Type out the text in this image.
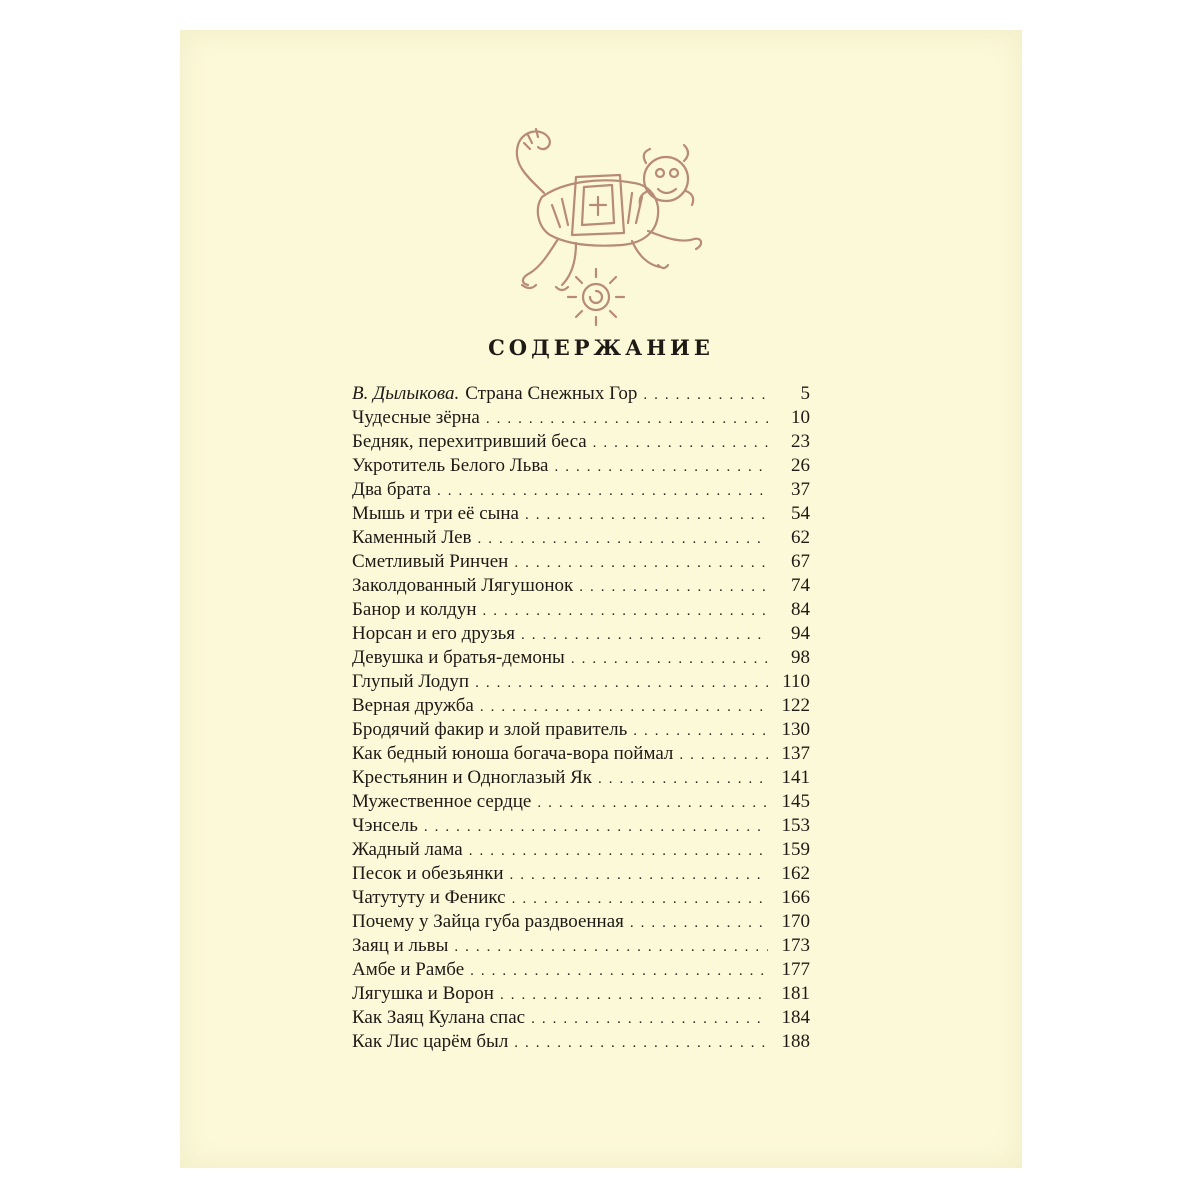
СОДЕРЖАНИЕ
В. Дылыкова. Страна Снежных Гор .....	5
Чудесные зёрна .....	10
Бедняк, перехитривший беса .....	23
Укротитель Белого Льва .....	26
Два брата .....	37
Мышь и три её сына .....	54
Каменный Лев .....	62
Сметливый Ринчен .....	67
Заколдованный Лягушонок .....	74
Банор и колдун .....	84
Норсан и его друзья .....	94
Девушка и братья-демоны .....	98
Глупый Лодуп .....	110
Верная дружба .....	122
Бродячий факир и злой правитель .....	130
Как бедный юноша богача-вора поймал .....	137
Крестьянин и Одноглазый Як .....	141
Мужественное сердце .....	145
Чэнсель .....	153
Жадный лама .....	159
Песок и обезьянки .....	162
Чатутуту и Феникс .....	166
Почему у Зайца губа раздвоенная .....	170
Заяц и львы .....	173
Амбе и Рамбе .....	177
Лягушка и Ворон .....	181
Как Заяц Кулана спас .....	184
Как Лис царём был .....	188
